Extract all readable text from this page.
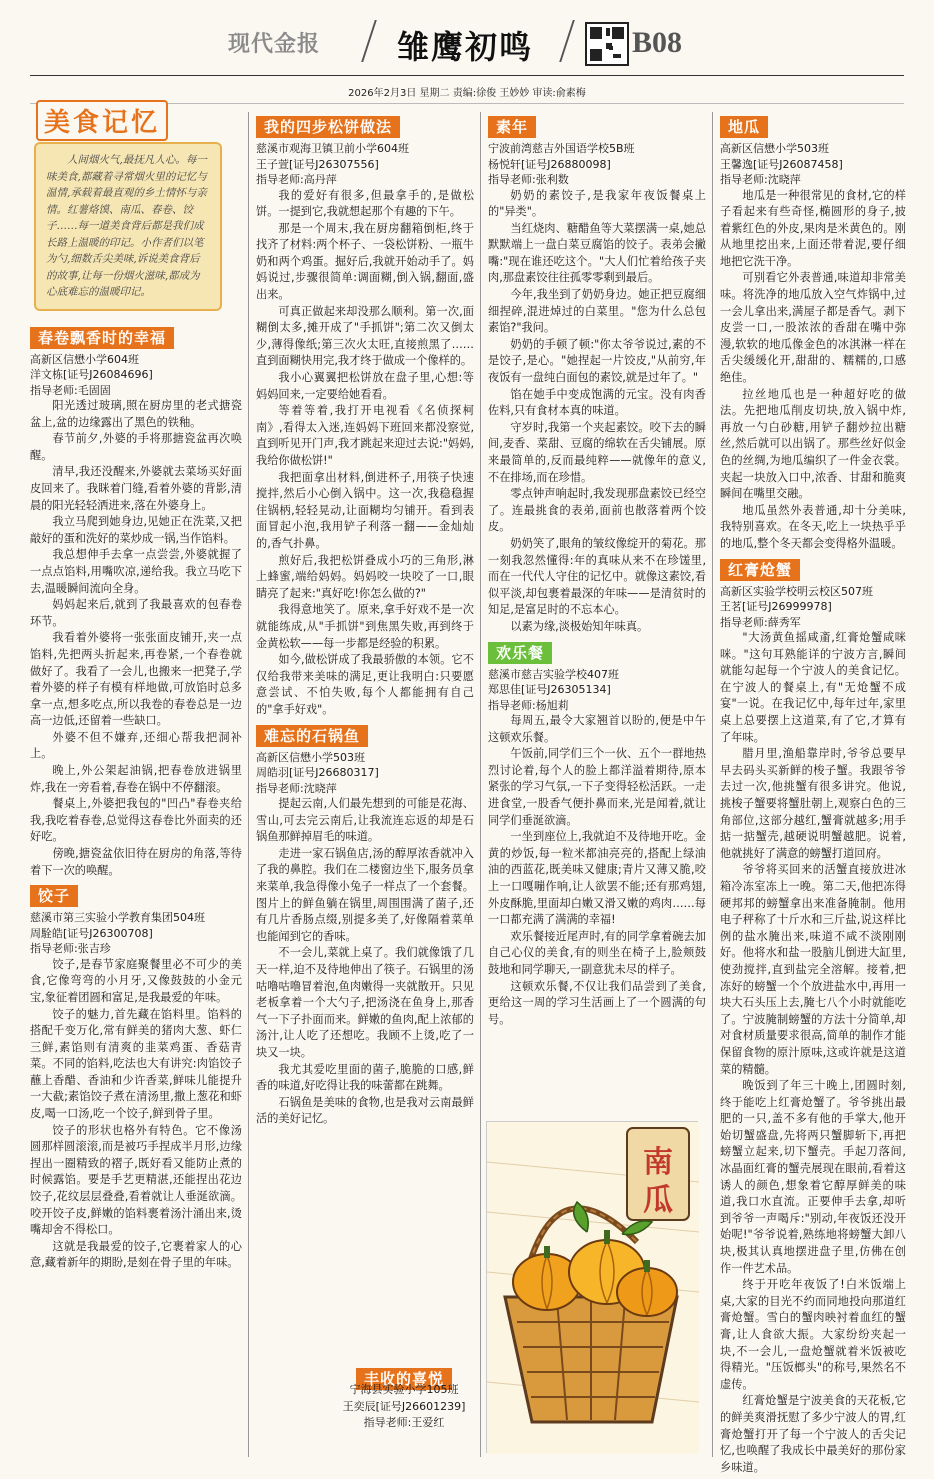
现代金报 雏鹰初鸣	B08
2026年2月3日 星期二 责编:徐俊 王妙妙 审读:俞素梅
人间烟火气,最抚凡人心。每一味美食,都藏着寻常烟火里的记忆与温情,承载着最直观的乡土情怀与亲情。红薯烙馍、南瓜、春卷、饺子……每一道美食背后都是我们成长路上温暖的印记。小作者们以笔为勺,细数舌尖美味,诉说美食背后的故事,让每一份烟火滋味,都成为心底难忘的温暖印记。
春卷飘香时的幸福
高新区信懋小学604班
洋文栋[证号J26084696]
指导老师:毛固固

阳光透过玻璃,照在厨房里的老式搪瓷盆上,盆的边缘露出了黑色的铁釉。

春节前夕,外婆的手将那搪瓷盆再次唤醒。

清早,我还没醒来,外婆就去菜场买好面皮回来了。我眯着门缝,看着外婆的背影,清晨的阳光轻轻洒进来,落在外婆身上。

我立马爬到她身边,见她正在洗菜,又把敲好的蛋和洗好的菜炒成一锅,当作馅料。

我总想伸手去拿一点尝尝,外婆就握了一点点馅料,用嘴吹凉,递给我。我立马吃下去,温暖瞬间流向全身。

妈妈起来后,就到了我最喜欢的包春卷环节。

我看着外婆将一张张面皮铺开,夹一点馅料,先把两头折起来,再卷紧,一个春卷就做好了。我看了一会儿,也搬来一把凳子,学着外婆的样子有模有样地做,可放馅时总多拿一点,想多吃点,所以我卷的春卷总是一边高一边低,还留着一些缺口。

外婆不但不嫌弃,还细心帮我把洞补上。

晚上,外公架起油锅,把春卷放进锅里炸,我在一旁看着,春卷在锅中不停翻滚。

餐桌上,外婆把我包的"凹凸"春卷夹给我,我吃着春卷,总觉得这春卷比外面卖的还好吃。

傍晚,搪瓷盆依旧待在厨房的角落,等待着下一次的唤醒。

饺子
慈溪市第三实验小学教育集团504班
周駩皓[证号J26300708]
指导老师:张吉珍

饺子,是春节家庭聚餐里必不可少的美食,它像弯弯的小月牙,又像鼓鼓的小金元宝,象征着团圆和富足,是我最爱的年味。

饺子的魅力,首先藏在馅料里。馅料的搭配千变万化,常有鲜美的猪肉大葱、虾仁三鲜,素馅则有清爽的韭菜鸡蛋、香菇青菜。不同的馅料,吃法也大有讲究:肉馅饺子蘸上香醋、香油和少许香菜,鲜味儿能提升一大截;素馅饺子煮在清汤里,撒上葱花和虾皮,喝一口汤,吃一个饺子,鲜到骨子里。

饺子的形状也格外有特色。它不像汤圆那样圆滚滚,而是被巧手捏成半月形,边缘捏出一圈精致的褶子,既好看又能防止煮的时候露馅。要是手艺更精湛,还能捏出花边饺子,花纹层层叠叠,看着就让人垂涎欲滴。咬开饺子皮,鲜嫩的馅料裹着汤汁涌出来,烫嘴却舍不得松口。

这就是我最爱的饺子,它裹着家人的心意,藏着新年的期盼,是刻在骨子里的年味。

美食记忆	我的四步松饼做法
慈溪市观海卫镇卫前小学604班
王子萱[证号J26307556]
指导老师:高丹萍

我的爱好有很多,但最拿手的,是做松饼。一提到它,我就想起那个有趣的下午。

那是一个周末,我在厨房翻箱倒柜,终于找齐了材料:两个杯子、一袋松饼粉、一瓶牛奶和两个鸡蛋。掘好后,我就开始动手了。妈妈说过,步骤很简单:调面糊,倒入锅,翻面,盛出来。

可真正做起来却没那么顺利。第一次,面糊倒太多,摊开成了"手抓饼";第二次又倒太少,薄得像纸;第三次火太旺,直接煎黑了……直到面糊快用完,我才终于做成一个像样的。

我小心翼翼把松饼放在盘子里,心想:等妈妈回来,一定要给她看看。

等着等着,我打开电视看《名侦探柯南》,看得太入迷,连妈妈下班回来都没察觉,直到听见开门声,我才跳起来迎过去说:"妈妈,我给你做松饼!"

我把面拿出材料,倒进杯子,用筷子快速搅拌,然后小心倒入锅中。这一次,我稳稳握住锅柄,轻轻晃动,让面糊均匀铺开。看到表面冒起小泡,我用铲子利落一翻——金灿灿的,香气扑鼻。

煎好后,我把松饼叠成小巧的三角形,淋上蜂蜜,端给妈妈。妈妈咬一块咬了一口,眼睛亮了起来:"真好吃!你怎么做的?"

我得意地笑了。原来,拿手好戏不是一次就能练成,从"手抓饼"到焦黑失败,再到终于金黄松软——每一步都是经验的积累。

如今,做松饼成了我最骄傲的本领。它不仅给我带来美味的满足,更让我明白:只要愿意尝试、不怕失败,每个人都能拥有自己的"拿手好戏"。

难忘的石锅鱼
高新区信懋小学503班
周皓羽[证号J26680317]
指导老师:沈晓萍

提起云南,人们最先想到的可能是花海、雪山,可去完云南后,让我流连忘返的却是石锅鱼那鲜掉眉毛的味道。

走进一家石锅鱼店,汤的醇厚浓香就冲入了我的鼻腔。我们在二楼窗边坐下,服务员拿来菜单,我急得像小兔子一样点了一个套餐。图片上的鲜鱼躺在锅里,周围围满了菌子,还有几片香肠点缀,别提多美了,好像隔着菜单也能闻到它的香味。

不一会儿,菜就上桌了。我们就像饿了几天一样,迫不及待地伸出了筷子。石锅里的汤咕噜咕噜冒着泡,鱼肉嫩得一夹就散开。只见老板拿着一个大勺子,把汤浇在鱼身上,那香气一下子扑面而来。鲜嫩的鱼肉,配上浓郁的汤汁,让人吃了还想吃。我顾不上烫,吃了一块又一块。

我尤其爱吃里面的菌子,脆脆的口感,鲜香的味道,好吃得让我的味蕾都在跳舞。

石锅鱼是美味的食物,也是我对云南最鲜活的美好记忆。

丰收的喜悦
宁海县实验小学105班
王奕辰[证号J26601239]
指导老师:王爱红
素年
宁波前湾慈吉外国语学校5B班
杨悦轩[证号J26880098]
指导老师:张利数

奶奶的素饺子,是我家年夜饭餐桌上的"异类"。

当红烧肉、糖醋鱼等大菜摆满一桌,她总默默端上一盘白菜豆腐馅的饺子。表弟会撇嘴:"现在谁还吃这个。"大人们忙着给孩子夹肉,那盘素饺往往孤零零剩到最后。

今年,我坐到了奶奶身边。她正把豆腐细细捏碎,混进焯过的白菜里。"您为什么总包素馅?"我问。

奶奶的手顿了顿:"你太爷爷说过,素的不是饺子,是心。"她捏起一片饺皮,"从前穷,年夜饭有一盘纯白面包的素饺,就是过年了。"

馅在她手中变成饱满的元宝。没有肉香佐料,只有食材本真的味道。

守岁时,我第一个夹起素饺。咬下去的瞬间,麦香、菜甜、豆腐的绵软在舌尖铺展。原来最简单的,反而最纯粹——就像年的意义,不在排场,而在珍惜。

零点钟声响起时,我发现那盘素饺已经空了。连最挑食的表弟,面前也散落着两个饺皮。

奶奶笑了,眼角的皱纹像绽开的菊花。那一刻我忽然懂得:年的真味从来不在珍馐里,而在一代代人守住的记忆中。就像这素饺,看似平淡,却包裹着最深的年味——是清贫时的知足,是富足时的不忘本心。

以素为缘,淡极始知年味真。

欢乐餐
慈溪市慈吉实验学校407班
郑思佳[证号J26305134]
指导老师:杨旭莉

每周五,最令大家翘首以盼的,便是中午这顿欢乐餐。

午饭前,同学们三个一伙、五个一群地热烈讨论着,每个人的脸上都洋溢着期待,原本紧张的学习气氛,一下子变得轻松活跃。一走进食堂,一股香气便扑鼻而来,光是闻着,就让同学们垂涎欲滴。

一坐到座位上,我就迫不及待地开吃。金黄的炒饭,每一粒米都油亮亮的,搭配上绿油油的西蓝花,既美味又健康;青片又薄又脆,咬上一口嘎嘣作响,让人欲罢不能;还有那鸡翅,外皮酥脆,里面却白嫩又滑又嫩的鸡肉……每一口都充满了满满的幸福!

欢乐餐接近尾声时,有的同学拿着碗去加自己心仪的美食,有的则坐在椅子上,脸颊鼓鼓地和同学聊天,一副意犹未尽的样子。

这顿欢乐餐,不仅让我们品尝到了美食,更给这一周的学习生活画上了一个圆满的句号。

南
瓜
地瓜
高新区信懋小学503班
王馨逸[证号J26087458]
指导老师:沈晓萍

地瓜是一种很常见的食材,它的样子看起来有些奇怪,椭圆形的身子,披着紫红色的外皮,果肉是米黄色的。刚从地里挖出来,上面还带着泥,要仔细地把它洗干净。

可别看它外表普通,味道却非常美味。将洗净的地瓜放入空气炸锅中,过一会儿拿出来,满屋子都是香气。剥下皮尝一口,一股浓浓的香甜在嘴中弥漫,软软的地瓜像金色的冰淇淋一样在舌尖缓缓化开,甜甜的、糯糯的,口感绝佳。

拉丝地瓜也是一种超好吃的做法。先把地瓜削皮切块,放入锅中炸,再放一勺白砂糖,用铲子翻炒拉出糖丝,然后就可以出锅了。那些丝好似金色的丝绸,为地瓜编织了一件金衣裳。夹起一块放入口中,浓香、甘甜和脆爽瞬间在嘴里交融。

地瓜虽然外表普通,却十分美味,我特别喜欢。在冬天,吃上一块热乎乎的地瓜,整个冬天都会变得格外温暖。

红膏炝蟹
高新区实验学校明云校区507班
王茗[证号J26999978]
指导老师:薛秀军

"大汤黄鱼摇咸齑,红膏炝蟹咸咪咪。"这句耳熟能详的宁波方言,瞬间就能勾起每一个宁波人的美食记忆。在宁波人的餐桌上,有"无炝蟹不成宴"一说。在我记忆中,每年过年,家里桌上总要摆上这道菜,有了它,才算有了年味。

腊月里,渔船靠岸时,爷爷总要早早去码头买新鲜的梭子蟹。我跟爷爷去过一次,他挑蟹有很多讲究。他说,挑梭子蟹要将蟹肚朝上,观察白色的三角部位,这部分越红,蟹膏就越多;用手掂一掂蟹壳,越硬说明蟹越肥。说着,他就挑好了满意的螃蟹打道回府。

爷爷将买回来的活蟹直接放进冰箱冷冻室冻上一晚。第二天,他把冻得硬邦邦的螃蟹拿出来准备腌制。他用电子秤称了十斤水和三斤盐,说这样比例的盐水腌出来,味道不咸不淡刚刚好。他将水和盐一股脑儿倒进大缸里,使劲搅拌,直到盐完全溶解。接着,把冻好的螃蟹一个个放进盐水中,再用一块大石头压上去,腌七八个小时就能吃了。宁波腌制螃蟹的方法十分简单,却对食材质量要求很高,简单的制作才能保留食物的原汁原味,这或许就是这道菜的精髓。

晚饭到了年三十晚上,团圆时刻,终于能吃上红膏炝蟹了。爷爷挑出最肥的一只,盖不多有他的手掌大,他开始切蟹盛盘,先将两只蟹脚斩下,再把螃蟹立起来,切下蟹壳。手起刀落间,冰晶面红膏的蟹壳展现在眼前,看着这诱人的颜色,想象着它醇厚鲜美的味道,我口水直流。正要伸手去拿,却听到爷爷一声喝斥:"别动,年夜饭还没开始呢!"爷爷说着,熟练地将螃蟹大卸八块,极其认真地摆进盘子里,仿佛在创作一件艺术品。

终于开吃年夜饭了!白米饭端上桌,大家的目光不约而同地投向那道红膏炝蟹。雪白的蟹肉映衬着血红的蟹膏,让人食欲大振。大家纷纷夹起一块,不一会儿,一盘炝蟹就着米饭被吃得精光。"压饭榔头"的称号,果然名不虚传。

红膏炝蟹是宁波美食的天花板,它的鲜美爽滑抚慰了多少宁波人的胃,红膏炝蟹打开了每一个宁波人的舌尖记忆,也唤醒了我成长中最美好的那份家乡味道。
